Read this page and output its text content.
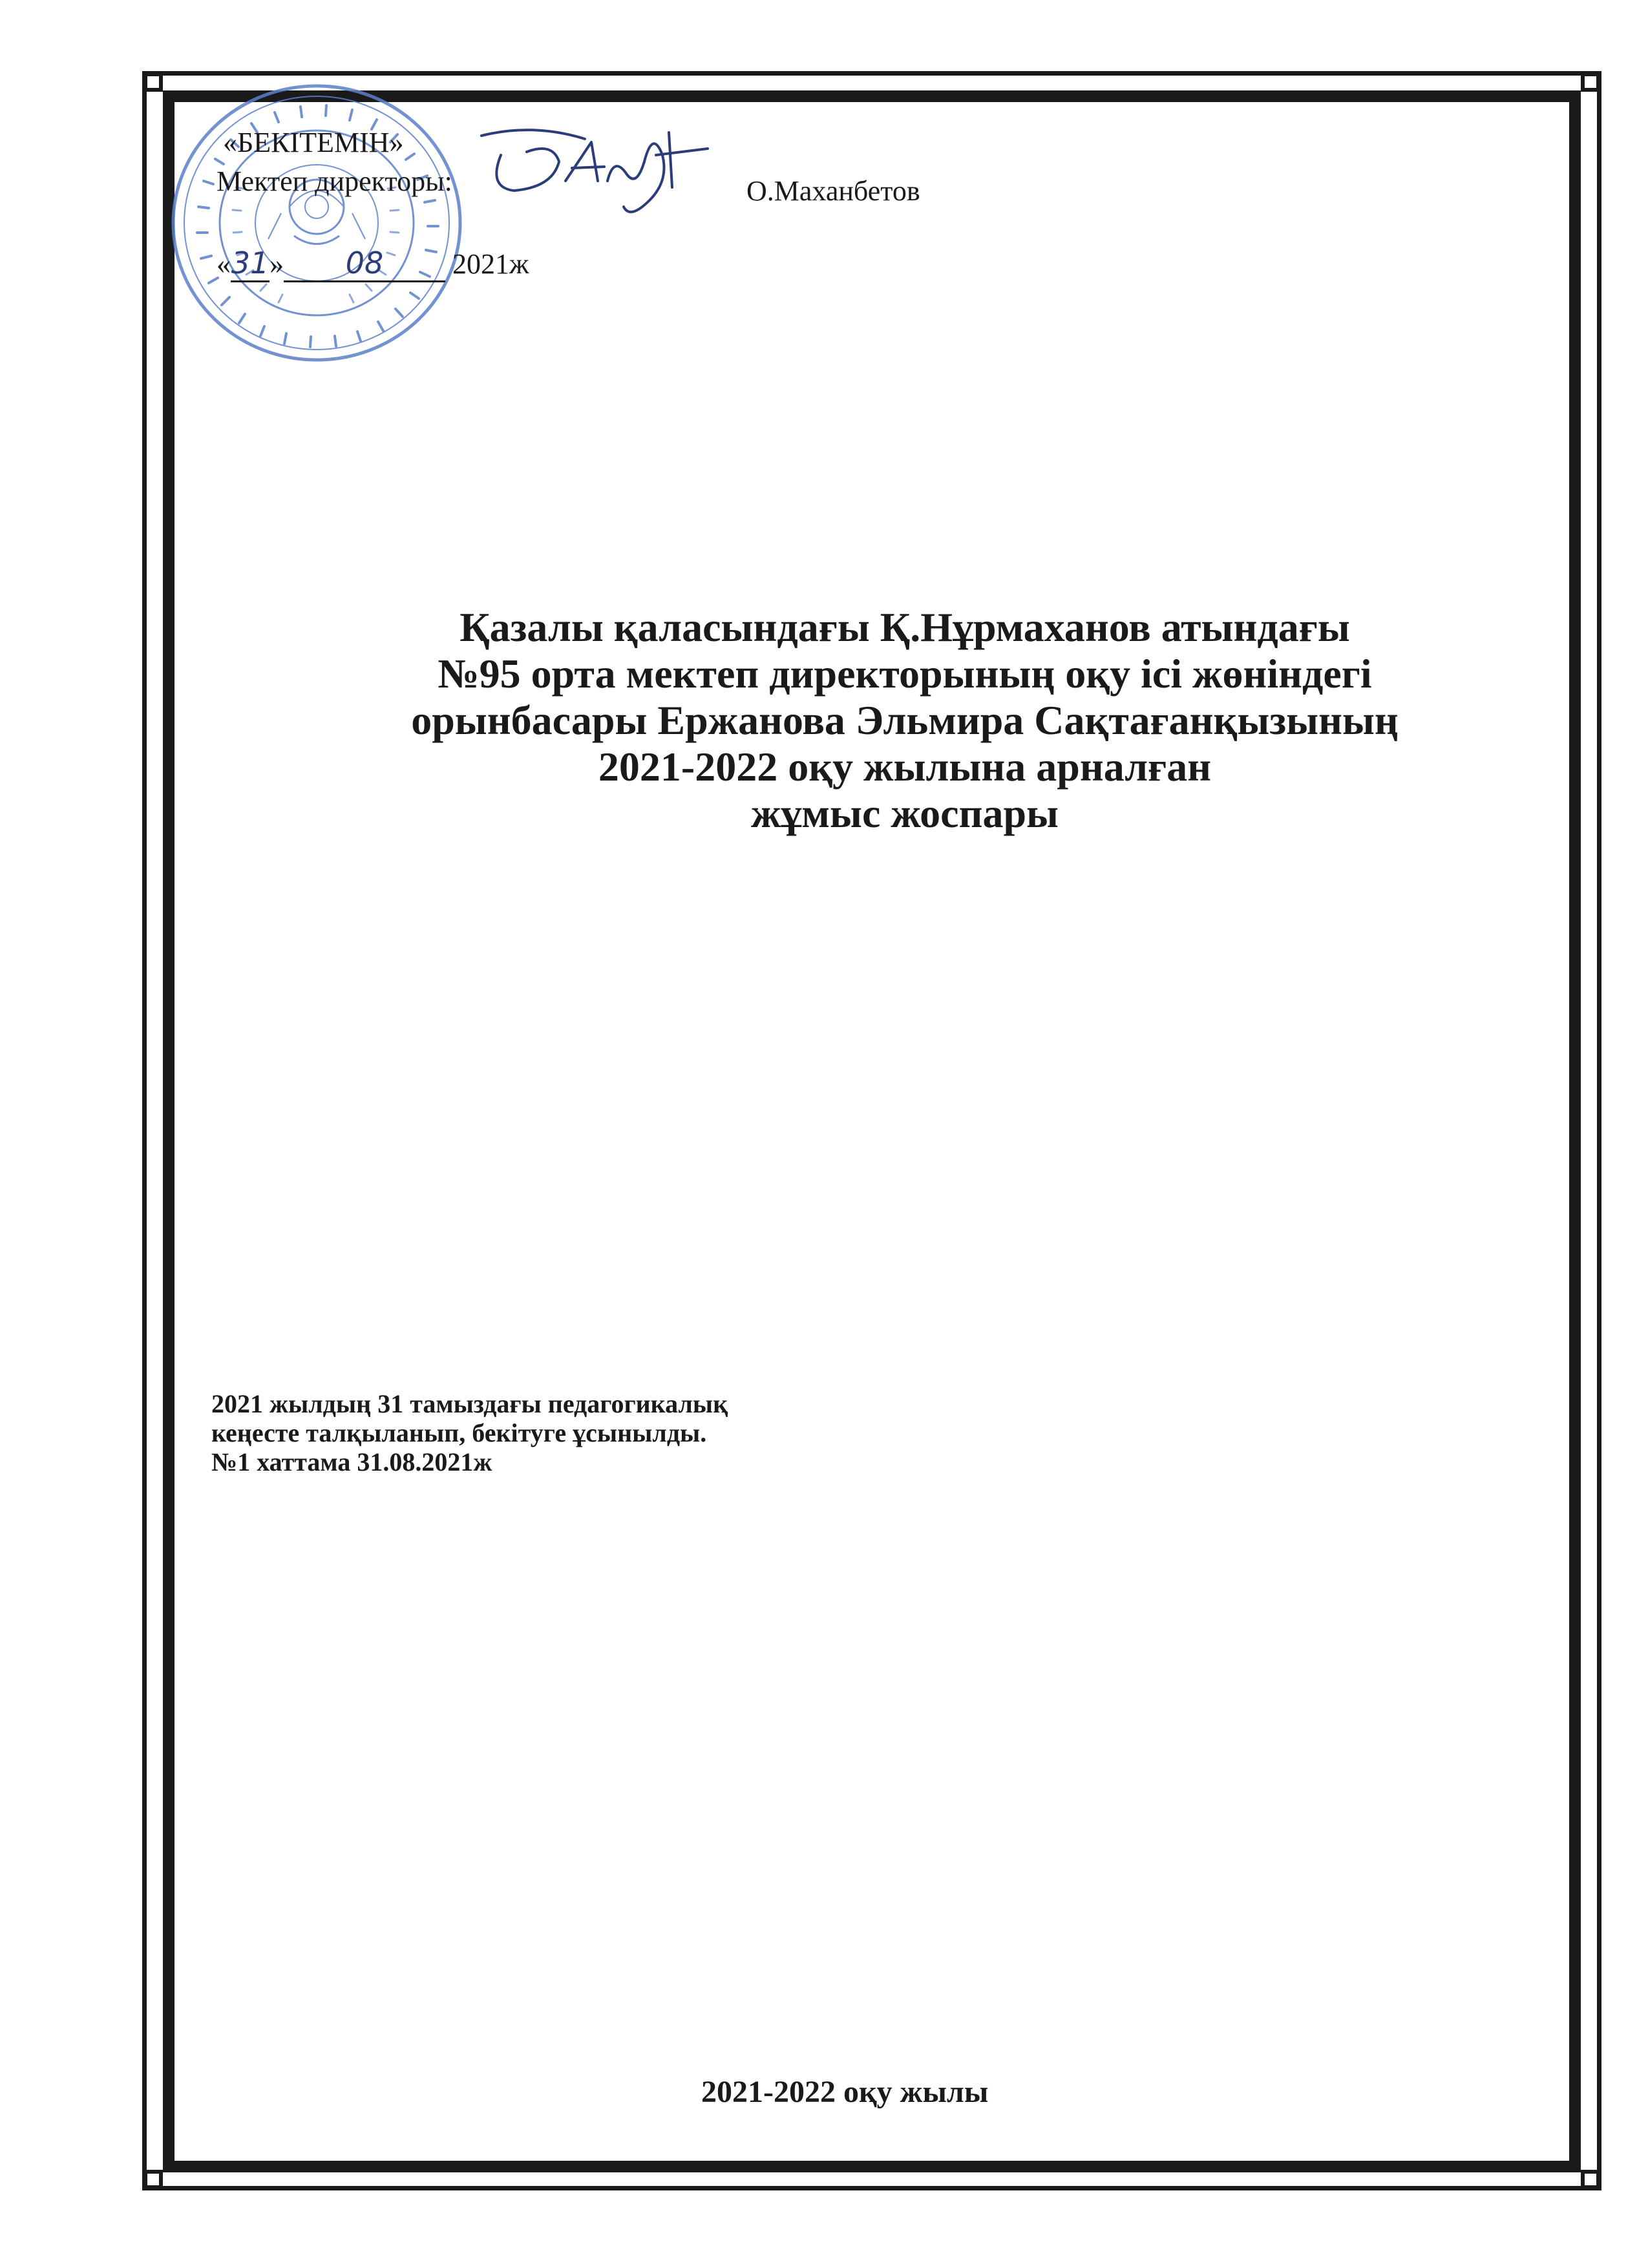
«БЕКІТЕМІН»
Мектеп директоры:	О.Маханбетов
«31» 08 2021ж
Қазалы қаласындағы Қ.Нұрмаханов атындағы
№95 орта мектеп директорының оқу ісі жөніндегі
орынбасары Ержанова Эльмира Сақтағанқызының
2021-2022 оқу жылына арналған
жұмыс жоспары
2021 жылдың 31 тамыздағы педагогикалық
кеңесте талқыланып, бекітуге ұсынылды.
№1 хаттама 31.08.2021ж
2021-2022 оқу жылы
